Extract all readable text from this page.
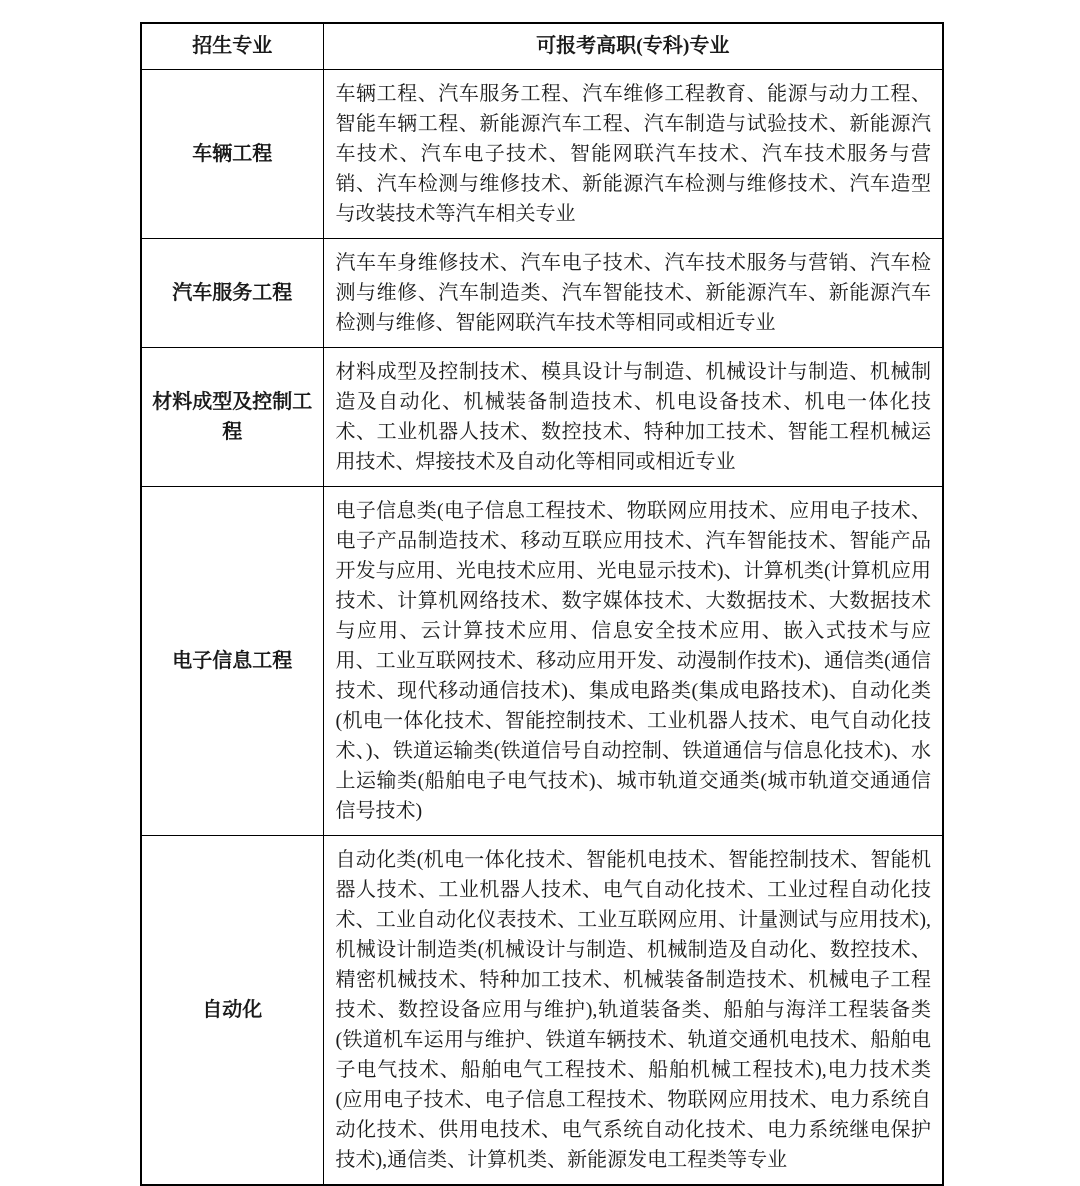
招生专业	可报考高职(专科)专业
车辆工程	车辆工程、汽车服务工程、汽车维修工程教育、能源与动力工程、智能车辆工程、新能源汽车工程、汽车制造与试验技术、新能源汽车技术、汽车电子技术、智能网联汽车技术、汽车技术服务与营销、汽车检测与维修技术、新能源汽车检测与维修技术、汽车造型与改装技术等汽车相关专业
汽车服务工程	汽车车身维修技术、汽车电子技术、汽车技术服务与营销、汽车检测与维修、汽车制造类、汽车智能技术、新能源汽车、新能源汽车检测与维修、智能网联汽车技术等相同或相近专业
材料成型及控制工程	材料成型及控制技术、模具设计与制造、机械设计与制造、机械制造及自动化、机械装备制造技术、机电设备技术、机电一体化技术、工业机器人技术、数控技术、特种加工技术、智能工程机械运用技术、焊接技术及自动化等相同或相近专业
电子信息工程	电子信息类(电子信息工程技术、物联网应用技术、应用电子技术、电子产品制造技术、移动互联应用技术、汽车智能技术、智能产品开发与应用、光电技术应用、光电显示技术)、计算机类(计算机应用技术、计算机网络技术、数字媒体技术、大数据技术、大数据技术与应用、云计算技术应用、信息安全技术应用、嵌入式技术与应用、工业互联网技术、移动应用开发、动漫制作技术)、通信类(通信技术、现代移动通信技术)、集成电路类(集成电路技术)、自动化类(机电一体化技术、智能控制技术、工业机器人技术、电气自动化技术、)、铁道运输类(铁道信号自动控制、铁道通信与信息化技术)、水上运输类(船舶电子电气技术)、城市轨道交通类(城市轨道交通通信信号技术)
自动化	自动化类(机电一体化技术、智能机电技术、智能控制技术、智能机器人技术、工业机器人技术、电气自动化技术、工业过程自动化技术、工业自动化仪表技术、工业互联网应用、计量测试与应用技术),机械设计制造类(机械设计与制造、机械制造及自动化、数控技术、精密机械技术、特种加工技术、机械装备制造技术、机械电子工程技术、数控设备应用与维护),轨道装备类、船舶与海洋工程装备类(铁道机车运用与维护、铁道车辆技术、轨道交通机电技术、船舶电子电气技术、船舶电气工程技术、船舶机械工程技术),电力技术类(应用电子技术、电子信息工程技术、物联网应用技术、电力系统自动化技术、供用电技术、电气系统自动化技术、电力系统继电保护技术),通信类、计算机类、新能源发电工程类等专业
